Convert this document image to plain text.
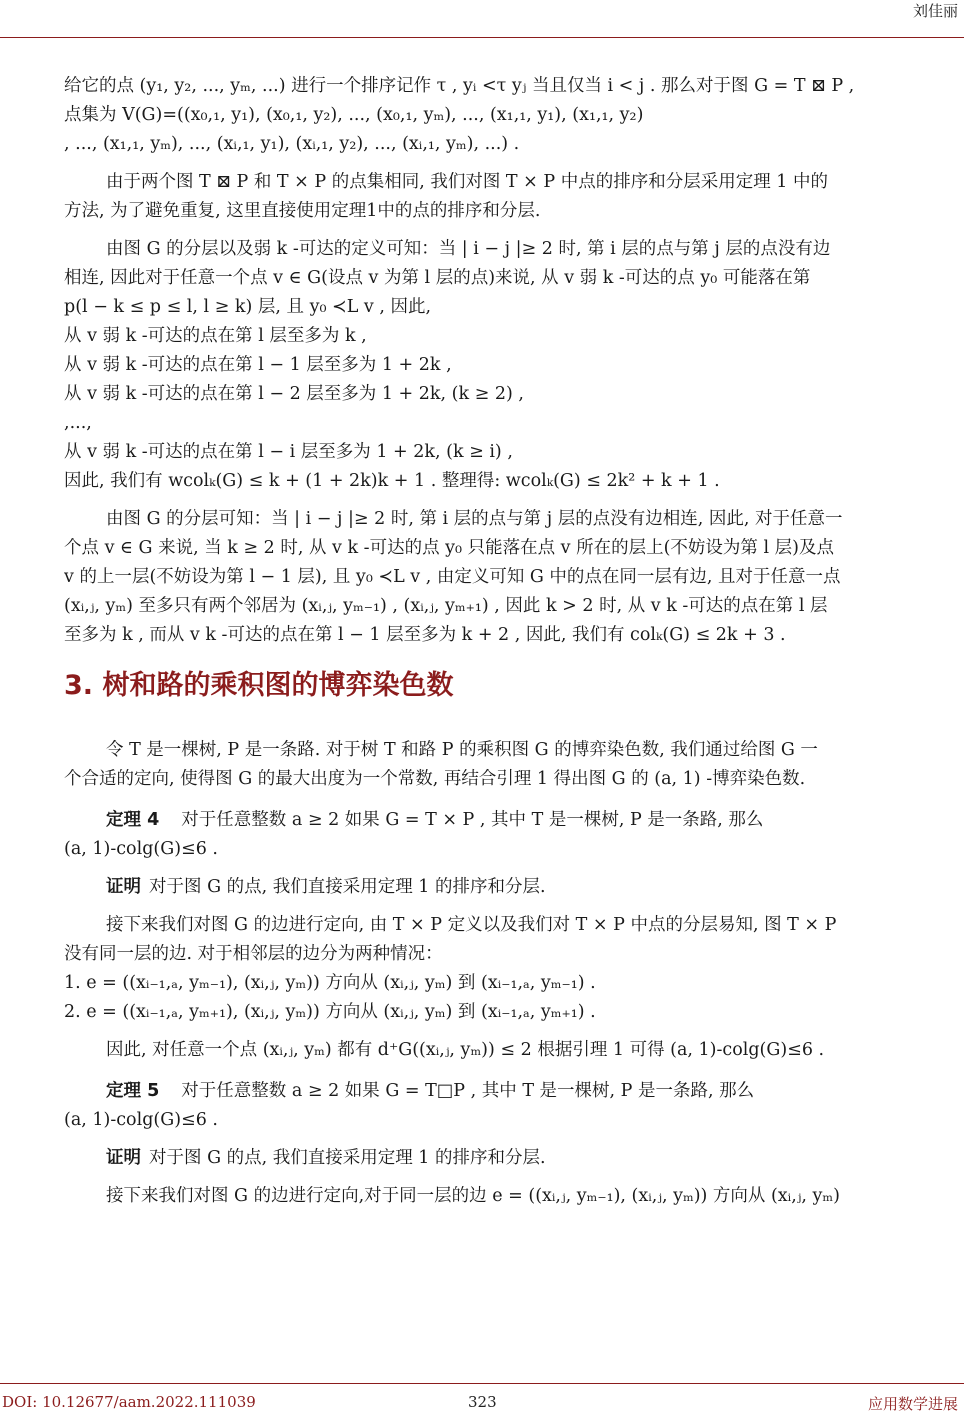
刘佳丽
给它的点 (y₁, y₂, ..., yₘ, ...) 进行一个排序记作 τ , yᵢ <τ yⱼ 当且仅当 i < j . 那么对于图 G = T ⊠ P ,
点集为 V(G)=((x₀,₁, y₁), (x₀,₁, y₂), ..., (x₀,₁, yₘ), ..., (x₁,₁, y₁), (x₁,₁, y₂)
, ..., (x₁,₁, yₘ), ..., (xᵢ,₁, y₁), (xᵢ,₁, y₂), ..., (xᵢ,₁, yₘ), ...) .
由于两个图 T ⊠ P 和 T × P 的点集相同, 我们对图 T × P 中点的排序和分层采用定理 1 中的
方法, 为了避免重复, 这里直接使用定理1中的点的排序和分层.
由图 G 的分层以及弱 k -可达的定义可知：当 | i − j |≥ 2 时, 第 i 层的点与第 j 层的点没有边
相连, 因此对于任意一个点 v ∈ G(设点 v 为第 l 层的点)来说, 从 v 弱 k -可达的点 y₀ 可能落在第
p(l − k ≤ p ≤ l, l ≥ k) 层, 且 y₀ ≺L v , 因此,
从 v 弱 k -可达的点在第 l 层至多为 k ,
从 v 弱 k -可达的点在第 l − 1 层至多为 1 + 2k ,
从 v 弱 k -可达的点在第 l − 2 层至多为 1 + 2k, (k ≥ 2) ,
,...,
从 v 弱 k -可达的点在第 l − i 层至多为 1 + 2k, (k ≥ i) ,
因此, 我们有 wcolₖ(G) ≤ k + (1 + 2k)k + 1 . 整理得: wcolₖ(G) ≤ 2k² + k + 1 .
由图 G 的分层可知：当 | i − j |≥ 2 时, 第 i 层的点与第 j 层的点没有边相连, 因此, 对于任意一
个点 v ∈ G 来说, 当 k ≥ 2 时, 从 v k -可达的点 y₀ 只能落在点 v 所在的层上(不妨设为第 l 层)及点
v 的上一层(不妨设为第 l − 1 层), 且 y₀ ≺L v , 由定义可知 G 中的点在同一层有边, 且对于任意一点
(xᵢ,ⱼ, yₘ) 至多只有两个邻居为 (xᵢ,ⱼ, yₘ₋₁) , (xᵢ,ⱼ, yₘ₊₁) , 因此 k > 2 时, 从 v k -可达的点在第 l 层
至多为 k , 而从 v k -可达的点在第 l − 1 层至多为 k + 2 , 因此, 我们有 colₖ(G) ≤ 2k + 3 .
3. 树和路的乘积图的博弈染色数
令 T 是一棵树, P 是一条路. 对于树 T 和路 P 的乘积图 G 的博弈染色数, 我们通过给图 G 一
个合适的定向, 使得图 G 的最大出度为一个常数, 再结合引理 1 得出图 G 的 (a, 1) -博弈染色数.
定理 4 对于任意整数 a ≥ 2 如果 G = T × P , 其中 T 是一棵树, P 是一条路, 那么
(a, 1)-colg(G)≤6 .
证明 对于图 G 的点, 我们直接采用定理 1 的排序和分层.
接下来我们对图 G 的边进行定向, 由 T × P 定义以及我们对 T × P 中点的分层易知, 图 T × P
没有同一层的边. 对于相邻层的边分为两种情况：
1. e = ((xᵢ₋₁,ₐ, yₘ₋₁), (xᵢ,ⱼ, yₘ)) 方向从 (xᵢ,ⱼ, yₘ) 到 (xᵢ₋₁,ₐ, yₘ₋₁) .
2. e = ((xᵢ₋₁,ₐ, yₘ₊₁), (xᵢ,ⱼ, yₘ)) 方向从 (xᵢ,ⱼ, yₘ) 到 (xᵢ₋₁,ₐ, yₘ₊₁) .
因此, 对任意一个点 (xᵢ,ⱼ, yₘ) 都有 d⁺G((xᵢ,ⱼ, yₘ)) ≤ 2 根据引理 1 可得 (a, 1)-colg(G)≤6 .
定理 5 对于任意整数 a ≥ 2 如果 G = T□P , 其中 T 是一棵树, P 是一条路, 那么
(a, 1)-colg(G)≤6 .
证明 对于图 G 的点, 我们直接采用定理 1 的排序和分层.
接下来我们对图 G 的边进行定向,对于同一层的边 e = ((xᵢ,ⱼ, yₘ₋₁), (xᵢ,ⱼ, yₘ)) 方向从 (xᵢ,ⱼ, yₘ)
DOI: 10.12677/aam.2022.111039	323	应用数学进展
